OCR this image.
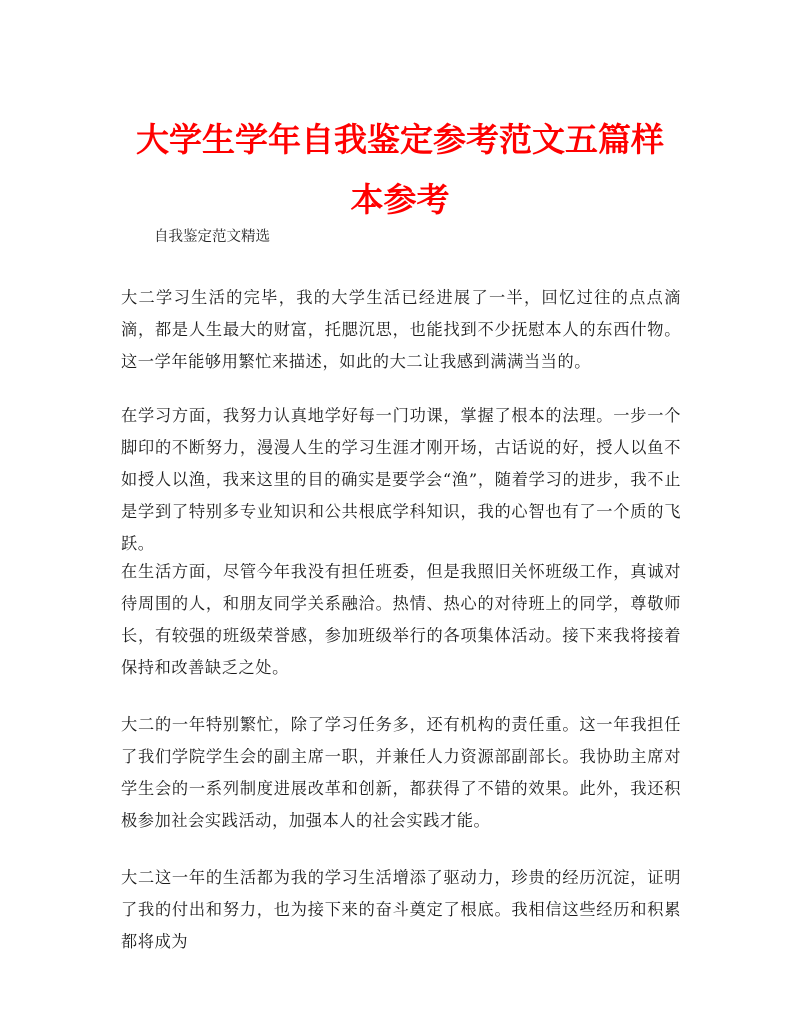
大学生学年自我鉴定参考范文五篇样本参考

自我鉴定范文精选

大二学习生活的完毕，我的大学生活已经进展了一半，回忆过往的点点滴滴，都是人生最大的财富，托腮沉思，也能找到不少抚慰本人的东西什物。这一学年能够用繁忙来描述，如此的大二让我感到满满当当的。

在学习方面，我努力认真地学好每一门功课，掌握了根本的法理。一步一个脚印的不断努力，漫漫人生的学习生涯才刚开场，古话说的好，授人以鱼不如授人以渔，我来这里的目的确实是要学会“渔”，随着学习的进步，我不止是学到了特别多专业知识和公共根底学科知识，我的心智也有了一个质的飞跃。

在生活方面，尽管今年我没有担任班委，但是我照旧关怀班级工作，真诚对待周围的人，和朋友同学关系融洽。热情、热心的对待班上的同学，尊敬师长，有较强的班级荣誉感，参加班级举行的各项集体活动。接下来我将接着保持和改善缺乏之处。

大二的一年特别繁忙，除了学习任务多，还有机构的责任重。这一年我担任了我们学院学生会的副主席一职，并兼任人力资源部副部长。我协助主席对学生会的一系列制度进展改革和创新，都获得了不错的效果。此外，我还积极参加社会实践活动，加强本人的社会实践才能。

大二这一年的生活都为我的学习生活增添了驱动力，珍贵的经历沉淀，证明了我的付出和努力，也为接下来的奋斗奠定了根底。我相信这些经历和积累都将成为
